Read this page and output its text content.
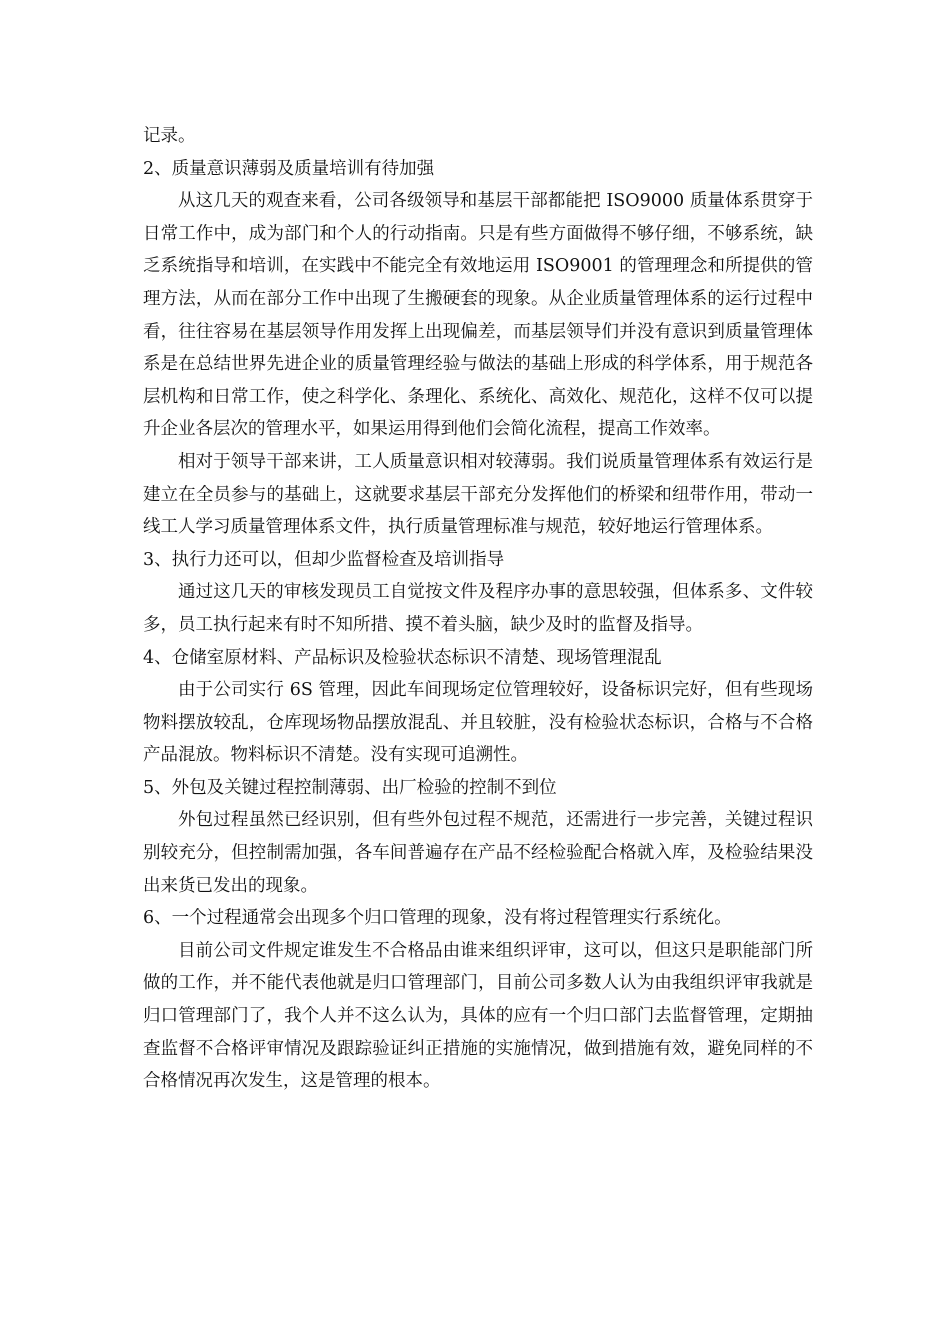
记录。

2、质量意识薄弱及质量培训有待加强

从这几天的观查来看，公司各级领导和基层干部都能把 ISO9000 质量体系贯穿于日常工作中，成为部门和个人的行动指南。只是有些方面做得不够仔细，不够系统，缺乏系统指导和培训，在实践中不能完全有效地运用 ISO9001 的管理理念和所提供的管理方法，从而在部分工作中出现了生搬硬套的现象。从企业质量管理体系的运行过程中看，往往容易在基层领导作用发挥上出现偏差，而基层领导们并没有意识到质量管理体系是在总结世界先进企业的质量管理经验与做法的基础上形成的科学体系，用于规范各层机构和日常工作，使之科学化、条理化、系统化、高效化、规范化，这样不仅可以提升企业各层次的管理水平，如果运用得到他们会简化流程，提高工作效率。

相对于领导干部来讲，工人质量意识相对较薄弱。我们说质量管理体系有效运行是建立在全员参与的基础上，这就要求基层干部充分发挥他们的桥梁和纽带作用，带动一线工人学习质量管理体系文件，执行质量管理标准与规范，较好地运行管理体系。

3、执行力还可以，但却少监督检查及培训指导

通过这几天的审核发现员工自觉按文件及程序办事的意思较强，但体系多、文件较多，员工执行起来有时不知所措、摸不着头脑，缺少及时的监督及指导。

4、仓储室原材料、产品标识及检验状态标识不清楚、现场管理混乱

由于公司实行 6S 管理，因此车间现场定位管理较好，设备标识完好，但有些现场物料摆放较乱，仓库现场物品摆放混乱、并且较脏，没有检验状态标识，合格与不合格产品混放。物料标识不清楚。没有实现可追溯性。

5、外包及关键过程控制薄弱、出厂检验的控制不到位

外包过程虽然已经识别，但有些外包过程不规范，还需进行一步完善，关键过程识别较充分，但控制需加强，各车间普遍存在产品不经检验配合格就入库，及检验结果没出来货已发出的现象。

6、一个过程通常会出现多个归口管理的现象，没有将过程管理实行系统化。

目前公司文件规定谁发生不合格品由谁来组织评审，这可以，但这只是职能部门所做的工作，并不能代表他就是归口管理部门，目前公司多数人认为由我组织评审我就是归口管理部门了，我个人并不这么认为，具体的应有一个归口部门去监督管理，定期抽查监督不合格评审情况及跟踪验证纠正措施的实施情况，做到措施有效，避免同样的不合格情况再次发生，这是管理的根本。
